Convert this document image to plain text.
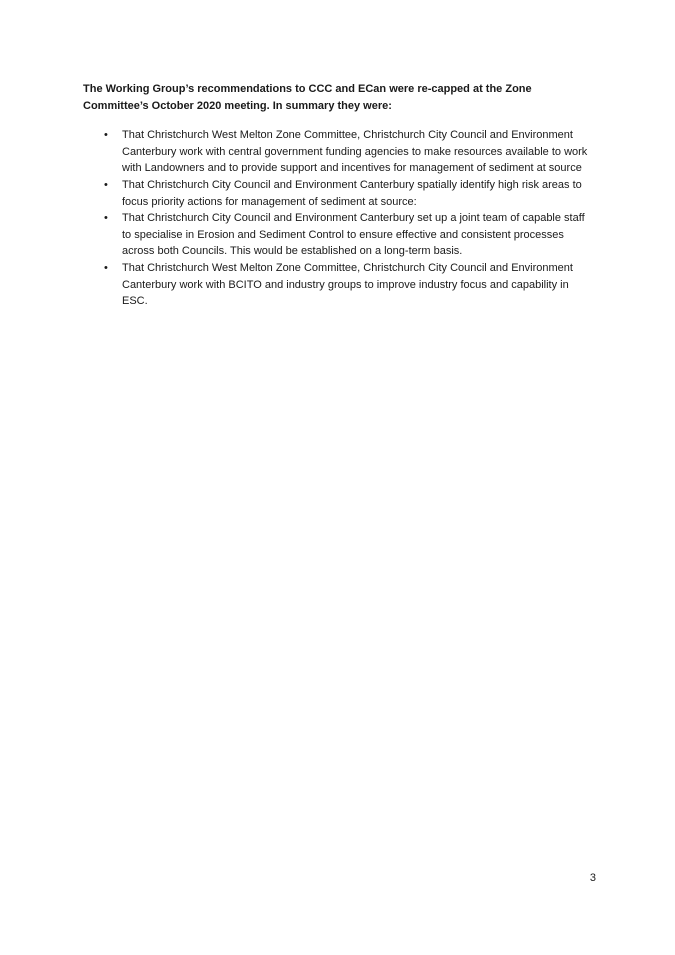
The Working Group’s recommendations to CCC and ECan were re-capped at the Zone Committee’s October 2020 meeting. In summary they were:

• That Christchurch West Melton Zone Committee, Christchurch City Council and Environment Canterbury work with central government funding agencies to make resources available to work with Landowners and to provide support and incentives for management of sediment at source
• That Christchurch City Council and Environment Canterbury spatially identify high risk areas to focus priority actions for management of sediment at source:
• That Christchurch City Council and Environment Canterbury set up a joint team of capable staff to specialise in Erosion and Sediment Control to ensure effective and consistent processes across both Councils. This would be established on a long-term basis.
• That Christchurch West Melton Zone Committee, Christchurch City Council and Environment Canterbury work with BCITO and industry groups to improve industry focus and capability in ESC.
3
